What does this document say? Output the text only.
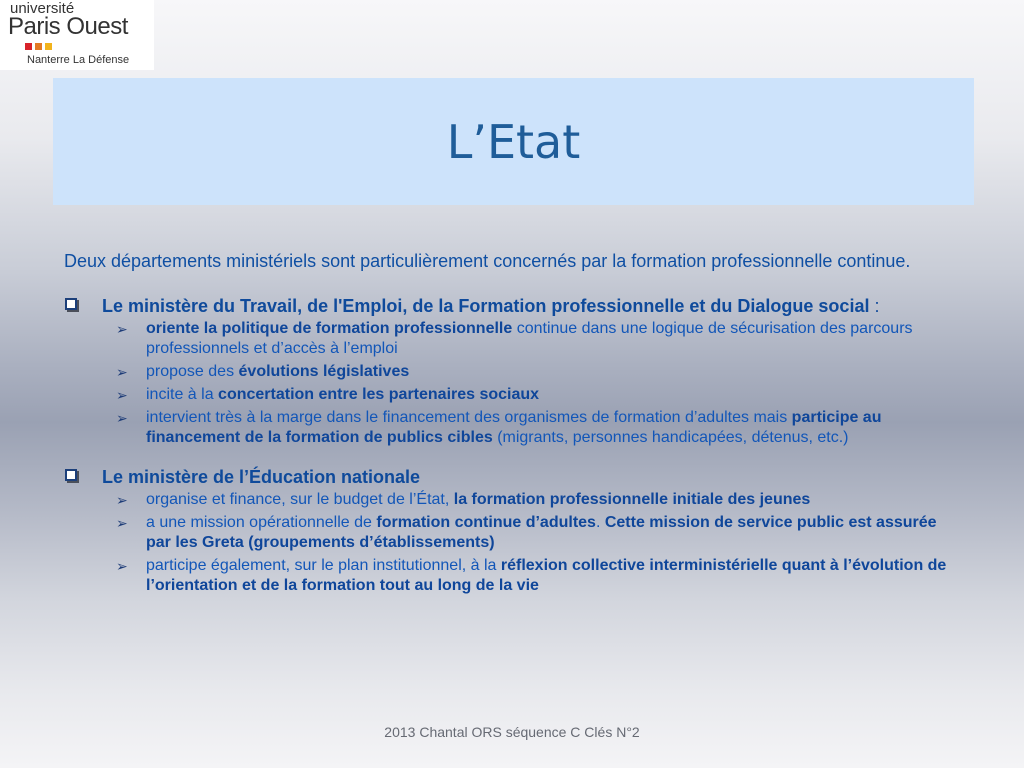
université
Paris Ouest
Nanterre La Défense
L’Etat

Deux départements ministériels sont particulièrement concernés par la formation professionnelle continue.

Le ministère du Travail, de l'Emploi, de la Formation professionnelle et du Dialogue social :
➢ oriente la politique de formation professionnelle continue dans une logique de sécurisation des parcours professionnels et d’accès à l’emploi
➢ propose des évolutions législatives
➢ incite à la concertation entre les partenaires sociaux
➢ intervient très à la marge dans le financement des organismes de formation d’adultes mais participe au financement de la formation de publics cibles (migrants, personnes handicapées, détenus, etc.)
Le ministère de l’Éducation nationale
➢ organise et finance, sur le budget de l’État, la formation professionnelle initiale des jeunes
➢ a une mission opérationnelle de formation continue d’adultes. Cette mission de service public est assurée par les Greta (groupements d’établissements)
➢ participe également, sur le plan institutionnel, à la réflexion collective interministérielle quant à l’évolution de l’orientation et de la formation tout au long de la vie
2013 Chantal ORS séquence C Clés N°2
